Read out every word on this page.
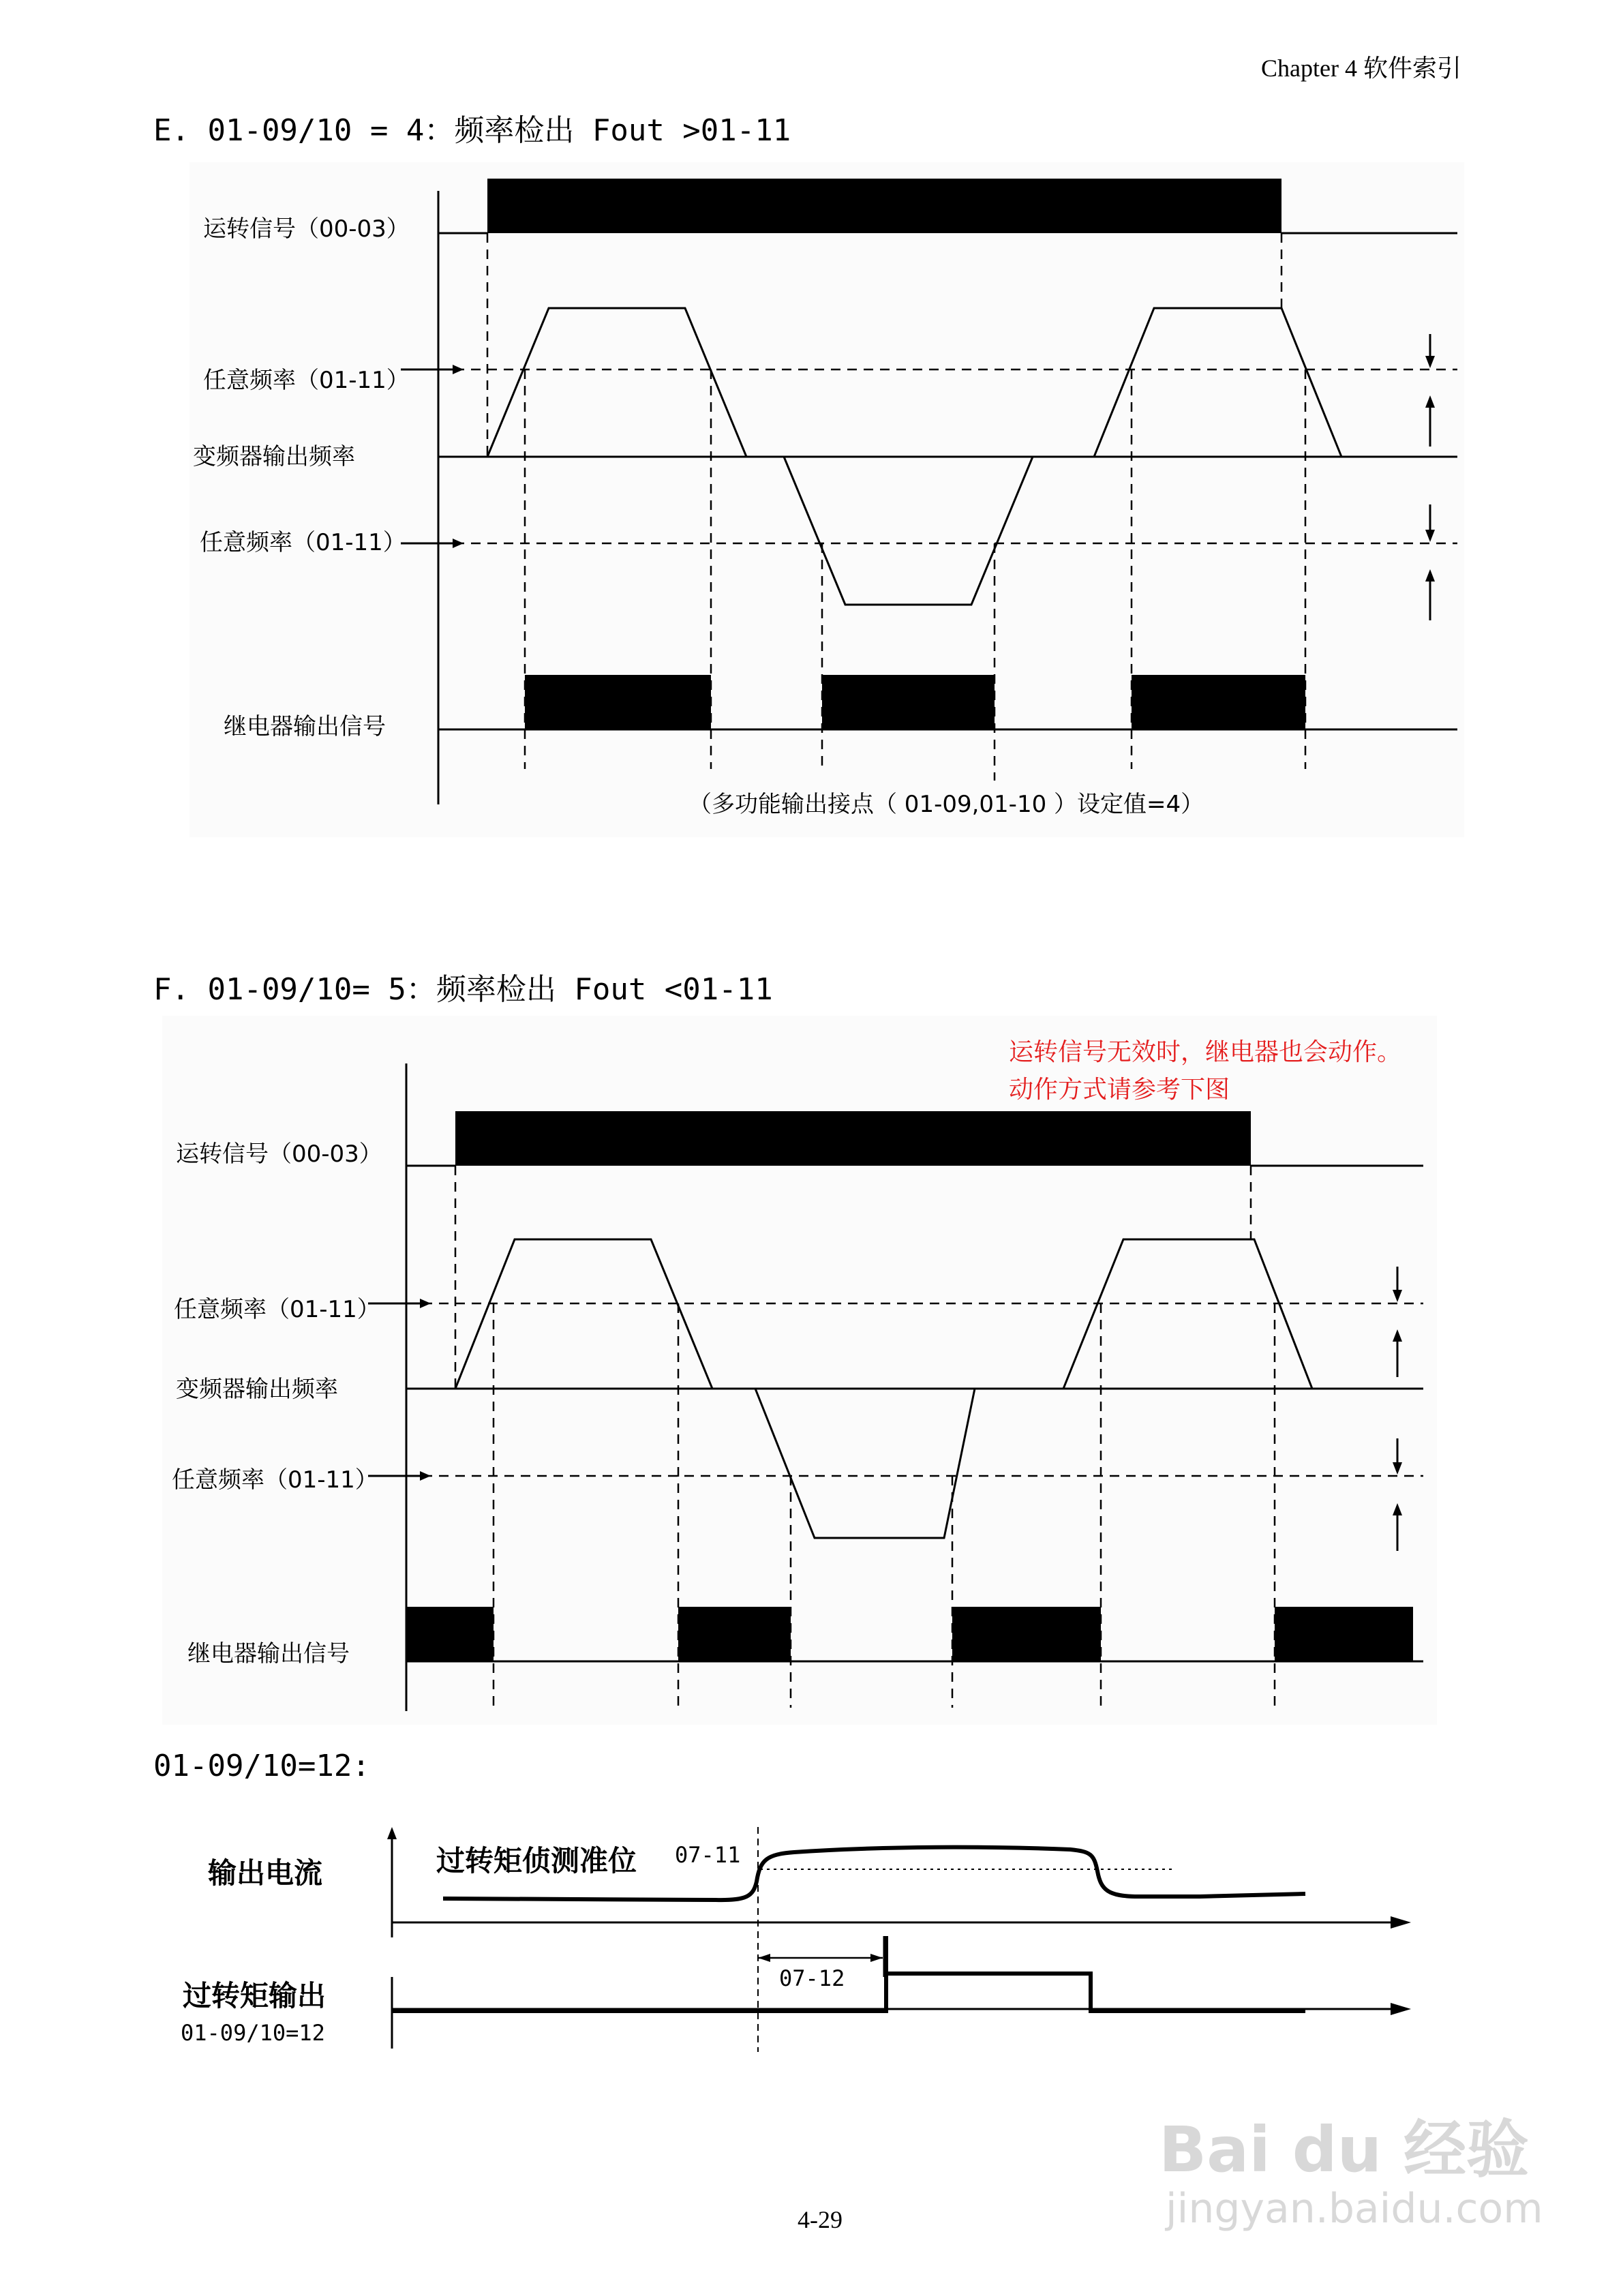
Chapter 4 软件索引
E. 01-09/10 = 4：频率检出 Fout >01-11
运转信号（00-03）
任意频率（01-11）
变频器输出频率
任意频率（01-11）
继电器输出信号
（多功能输出接点（ 01-09,01-10 ）设定值=4）
F. 01-09/10= 5：频率检出 Fout <01-11
运转信号无效时，继电器也会动作。
动作方式请参考下图
运转信号（00-03）
任意频率（01-11）
变频器输出频率
任意频率（01-11）
继电器输出信号
01-09/10=12:
输出电流	过转矩侦测准位 07-11
07-12
过转矩输出
01-09/10=12
4-29
Bai du 经验
jingyan.baidu.com
